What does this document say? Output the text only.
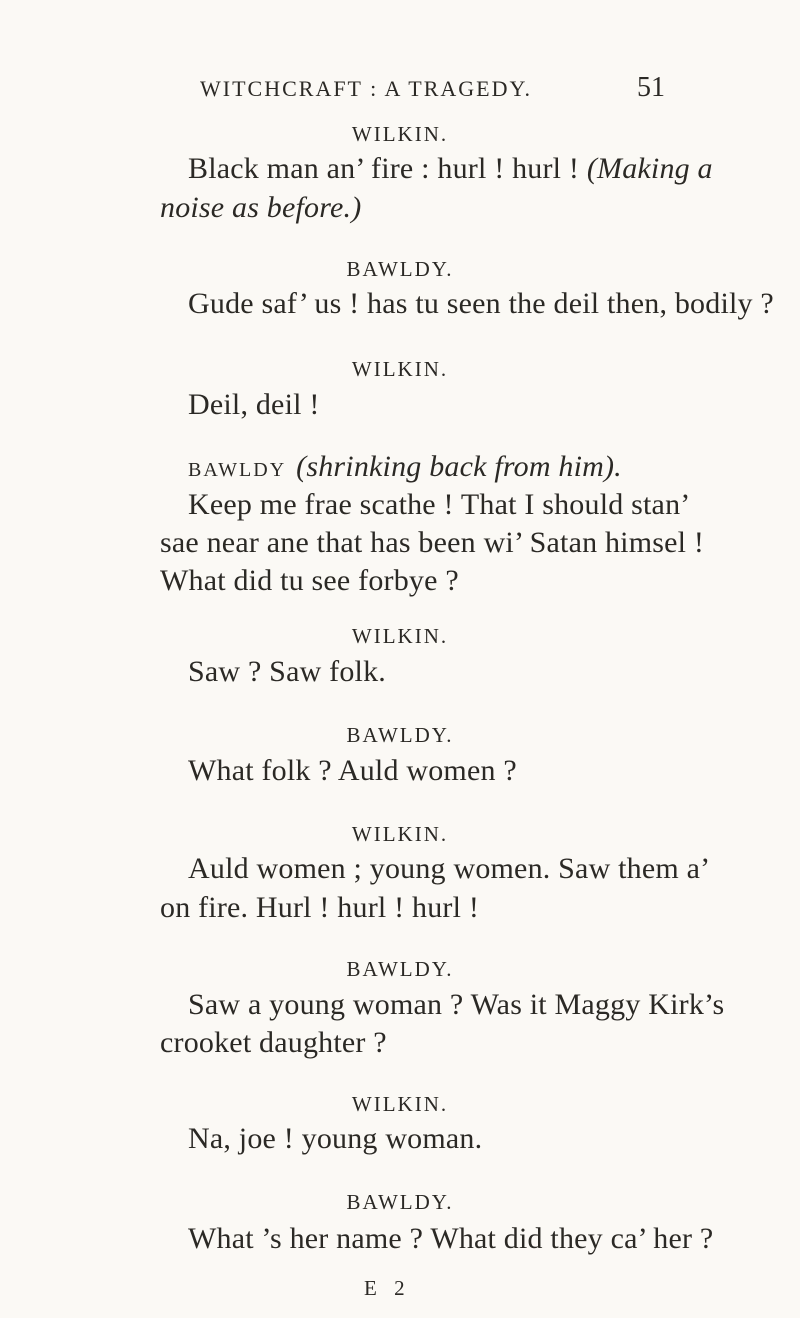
WITCHCRAFT : A TRAGEDY.	51
WILKIN.
Black man an’ fire : hurl ! hurl ! (Making a
noise as before.)
BAWLDY.
Gude saf’ us ! has tu seen the deil then, bodily ?
WILKIN.
Deil, deil !
BAWLDY (shrinking back from him).
Keep me frae scathe ! That I should stan’
sae near ane that has been wi’ Satan himsel !
What did tu see forbye ?
WILKIN.
Saw ? Saw folk.
BAWLDY.
What folk ? Auld women ?
WILKIN.
Auld women ; young women. Saw them a’
on fire. Hurl ! hurl ! hurl !
BAWLDY.
Saw a young woman ? Was it Maggy Kirk’s
crooket daughter ?
WILKIN.
Na, joe ! young woman.
BAWLDY.
What ’s her name ? What did they ca’ her ?
E 2
